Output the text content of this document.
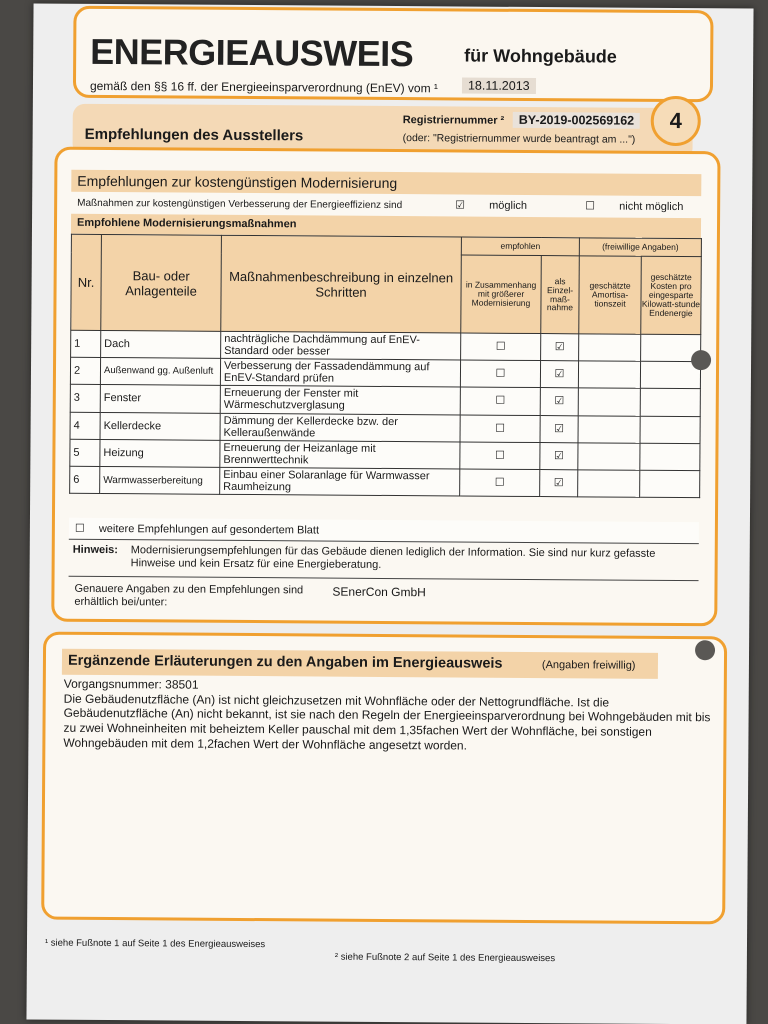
ENERGIEAUSWEIS	für Wohngebäude
gemäß den §§ 16 ff. der Energieeinsparverordnung (EnEV) vom ¹	18.11.2013
Empfehlungen des Ausstellers
Registriernummer ²	BY-2019-002569162
(oder: "Registriernummer wurde beantragt am ...")
4
Empfehlungen zur kostengünstigen Modernisierung
Maßnahmen zur kostengünstigen Verbesserung der Energieeffizienz sind	☑ möglich	☐ nicht möglich
Empfohlene Modernisierungsmaßnahmen
Nr.	Bau- oder Anlagenteile	Maßnahmenbeschreibung in einzelnen Schritten	empfohlen		(freiwillige Angaben)	
			in Zusammenhang mit größerer Modernisierung	als Einzel-maß-nahme	geschätzte Amortisa-tionszeit	geschätzte Kosten pro eingesparte Kilowatt-stunde Endenergie
1	Dach	nachträgliche Dachdämmung auf EnEV-Standard oder besser	☐	☑		
2	Außenwand gg. Außenluft	Verbesserung der Fassadendämmung auf EnEV-Standard prüfen	☐	☑		
3	Fenster	Erneuerung der Fenster mit Wärmeschutzverglasung	☐	☑		
4	Kellerdecke	Dämmung der Kellerdecke bzw. der Kelleraußenwände	☐	☑		
5	Heizung	Erneuerung der Heizanlage mit Brennwerttechnik	☐	☑		
6	Warmwasserbereitung	Einbau einer Solaranlage für Warmwasser Raumheizung	☐	☑		
☐ weitere Empfehlungen auf gesondertem Blatt
Hinweis: Modernisierungsempfehlungen für das Gebäude dienen lediglich der Information. Sie sind nur kurz gefasste Hinweise und kein Ersatz für eine Energieberatung.
Genauere Angaben zu den Empfehlungen sind erhältlich bei/unter:
SEnerCon GmbH
Ergänzende Erläuterungen zu den Angaben im Energieausweis	(Angaben freiwillig)
Vorgangsnummer: 38501
Die Gebäudenutzfläche (An) ist nicht gleichzusetzen mit Wohnfläche oder der Nettogrundfläche. Ist die Gebäudenutzfläche (An) nicht bekannt, ist sie nach den Regeln der Energieeinsparverordnung bei Wohngebäuden mit bis zu zwei Wohneinheiten mit beheiztem Keller pauschal mit dem 1,35fachen Wert der Wohnfläche, bei sonstigen Wohngebäuden mit dem 1,2fachen Wert der Wohnfläche angesetzt worden.
¹ siehe Fußnote 1 auf Seite 1 des Energieausweises
² siehe Fußnote 2 auf Seite 1 des Energieausweises
